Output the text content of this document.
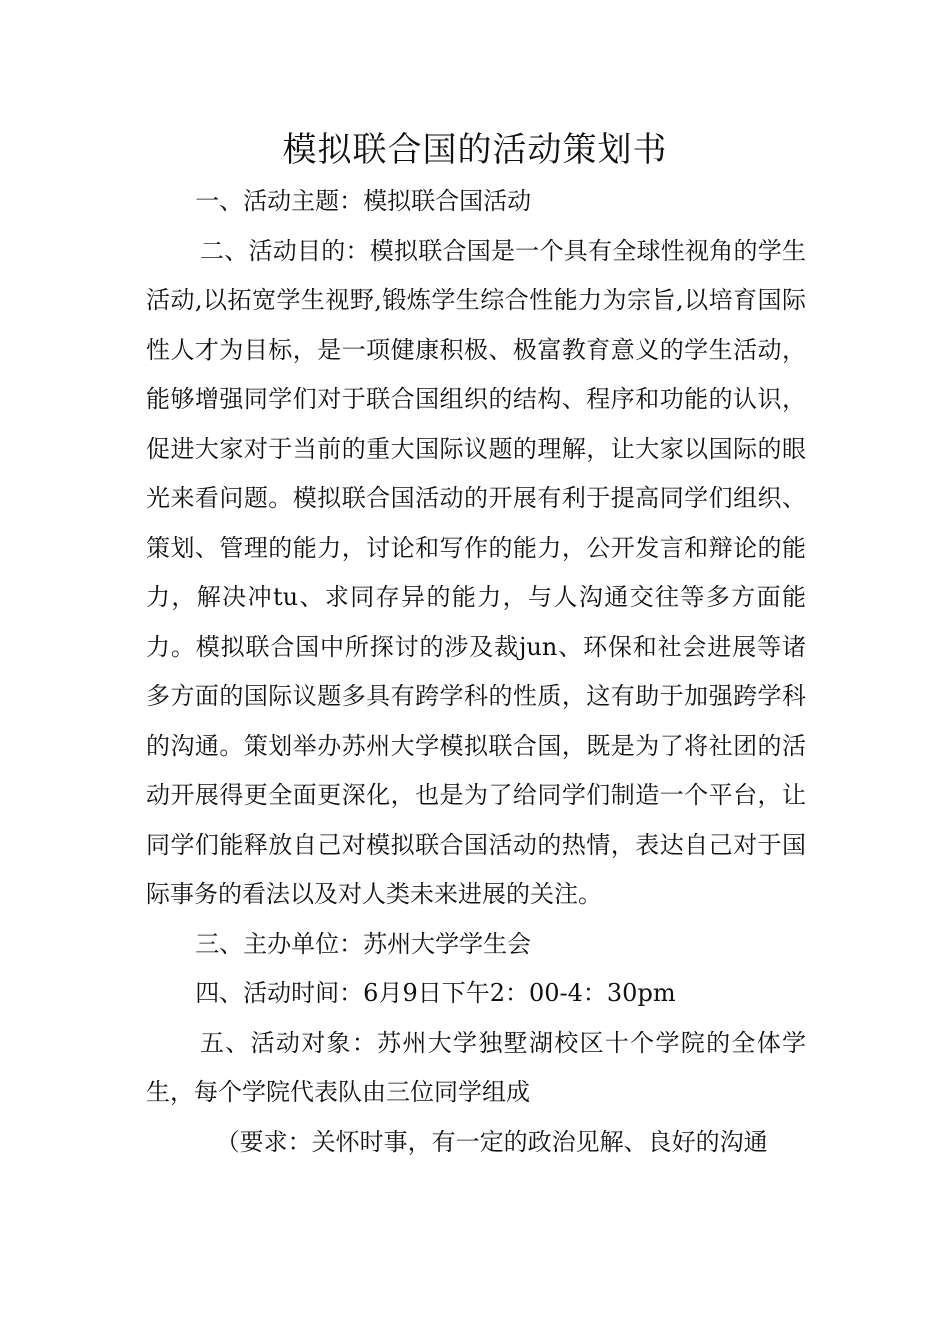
模拟联合国的活动策划书

一、活动主题：模拟联合国活动

二、活动目的：模拟联合国是一个具有全球性视角的学生活动,以拓宽学生视野,锻炼学生综合性能力为宗旨,以培育国际性人才为目标，是一项健康积极、极富教育意义的学生活动，能够增强同学们对于联合国组织的结构、程序和功能的认识，促进大家对于当前的重大国际议题的理解，让大家以国际的眼光来看问题。模拟联合国活动的开展有利于提高同学们组织、策划、管理的能力，讨论和写作的能力，公开发言和辩论的能力，解决冲tu、求同存异的能力，与人沟通交往等多方面能力。模拟联合国中所探讨的涉及裁jun、环保和社会进展等诸多方面的国际议题多具有跨学科的性质，这有助于加强跨学科的沟通。策划举办苏州大学模拟联合国，既是为了将社团的活动开展得更全面更深化，也是为了给同学们制造一个平台，让同学们能释放自己对模拟联合国活动的热情，表达自己对于国际事务的看法以及对人类未来进展的关注。

三、主办单位：苏州大学学生会

四、活动时间：6月9日下午2：00-4：30pm

五、活动对象：苏州大学独墅湖校区十个学院的全体学生，每个学院代表队由三位同学组成

（要求：关怀时事，有一定的政治见解、良好的沟通
